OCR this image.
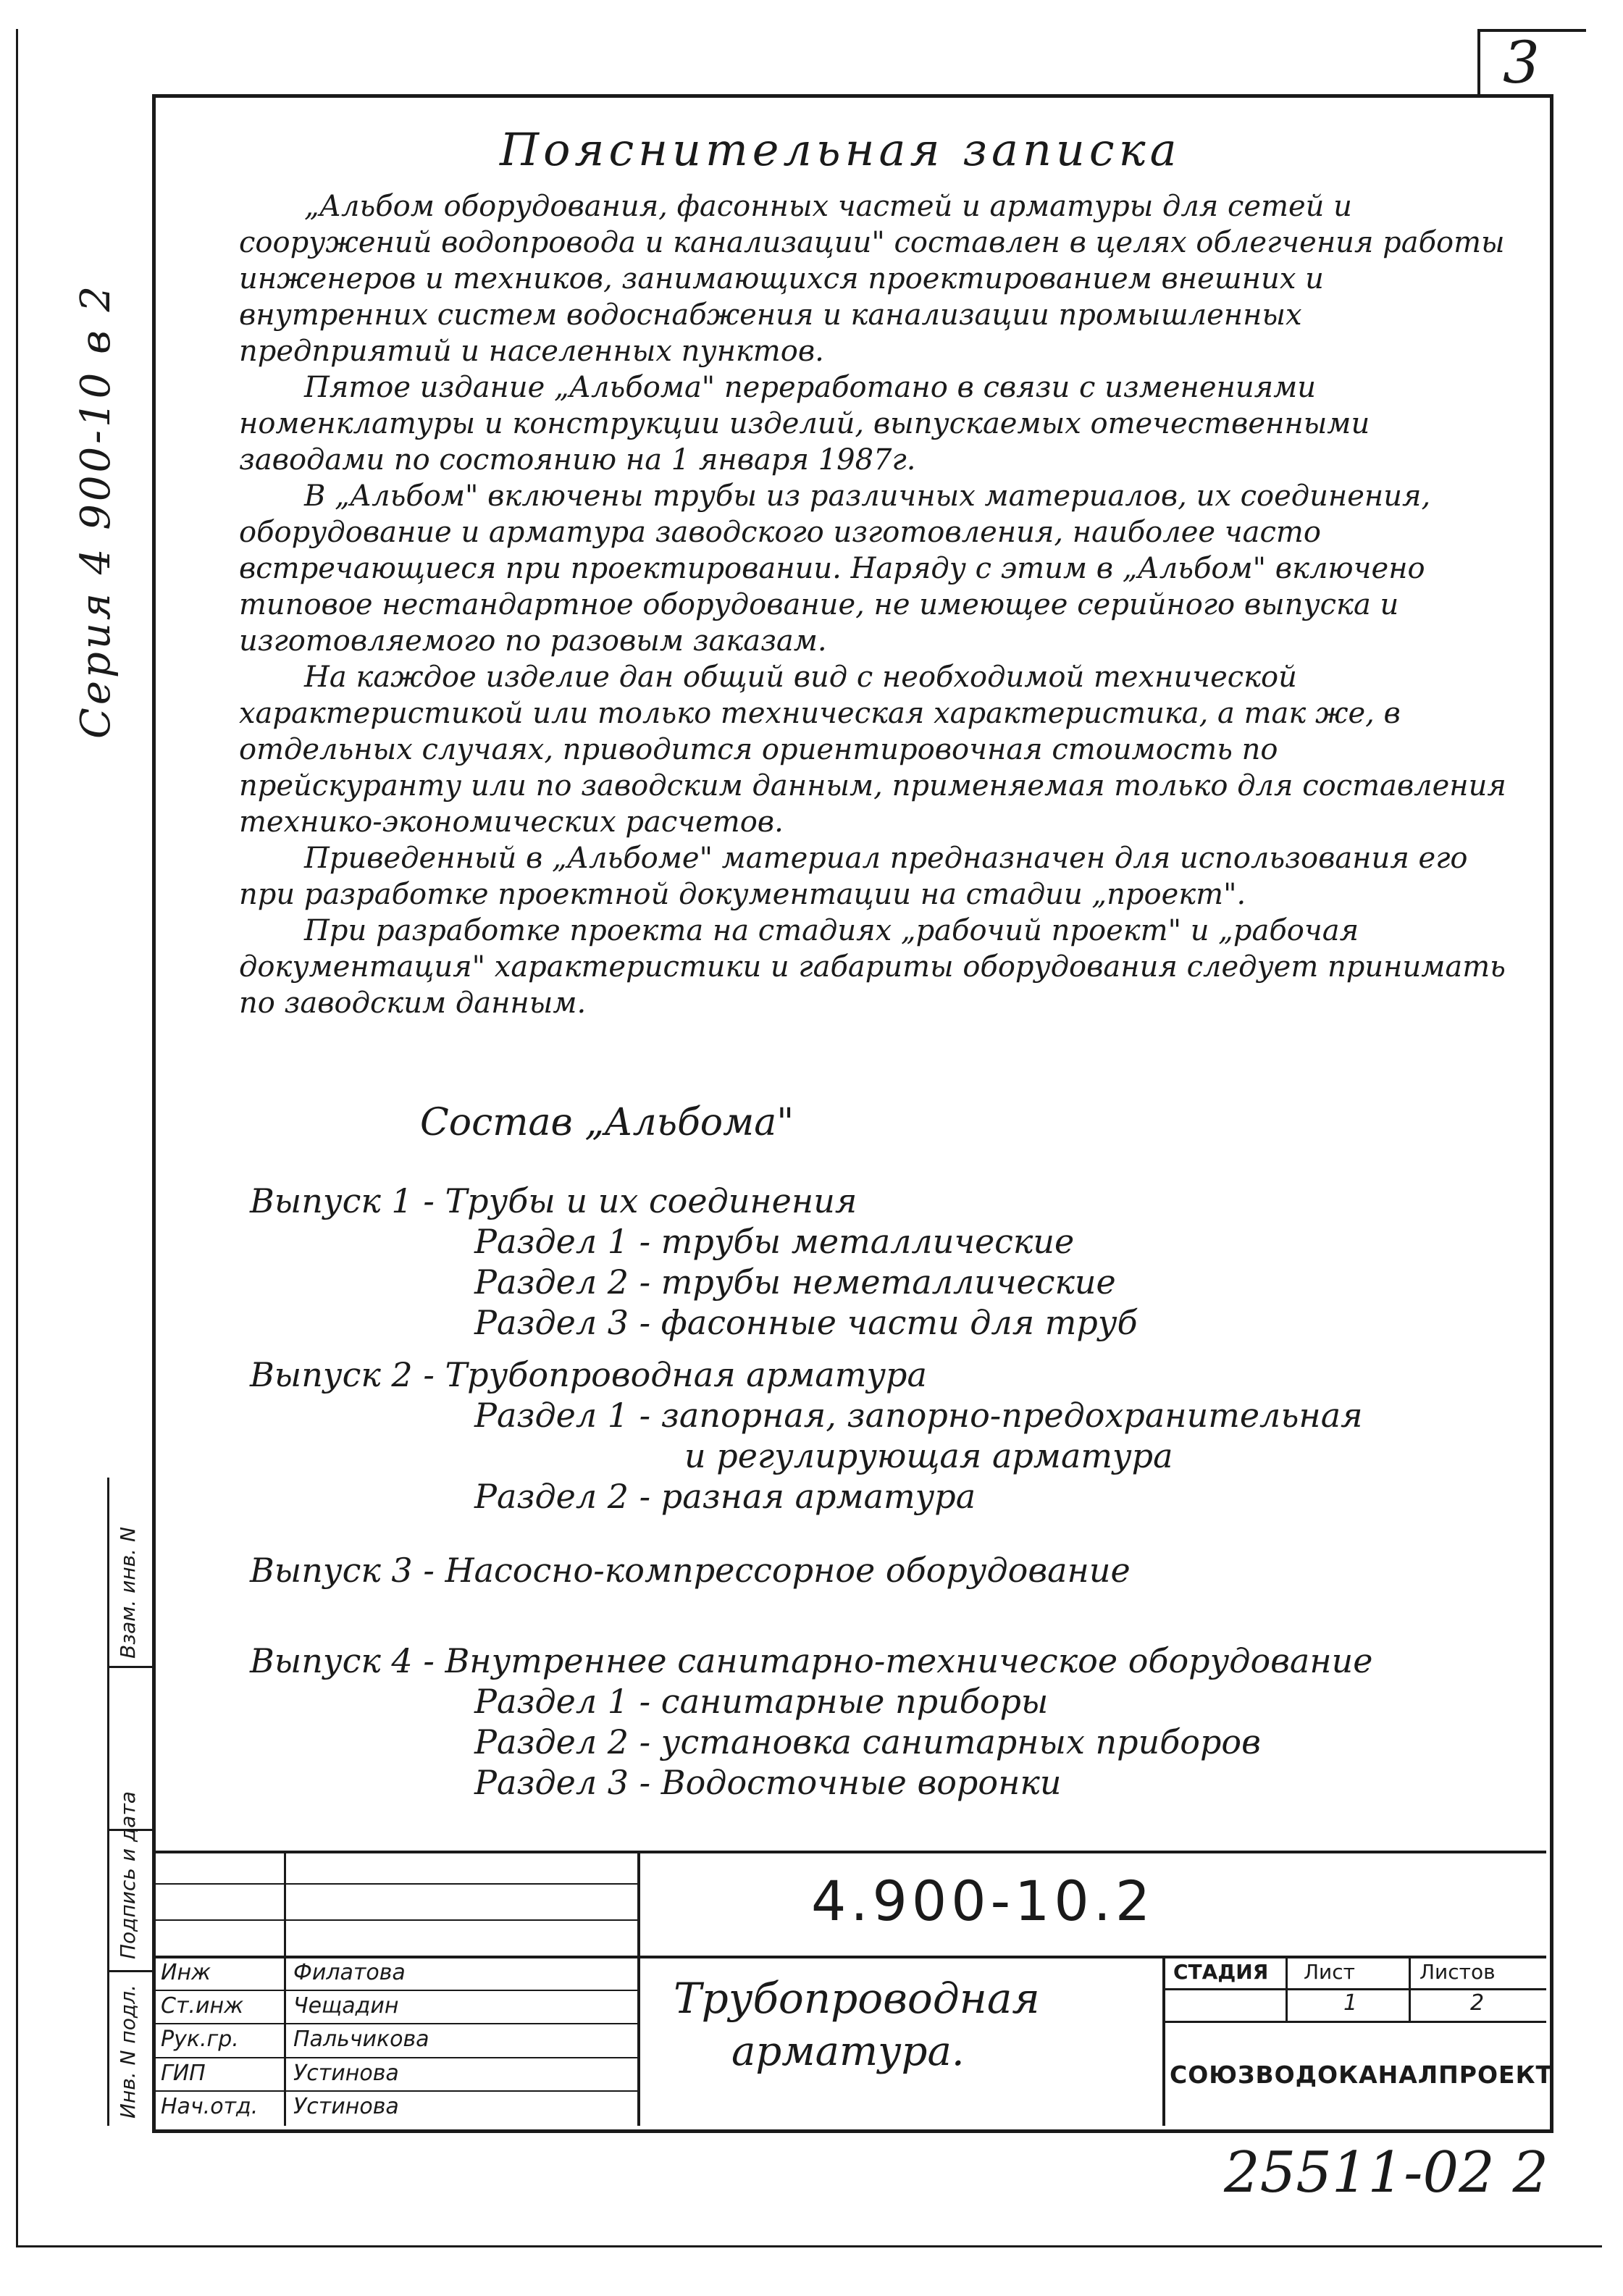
3
Серия 4 900-10 в 2
Инв. N подл.
Подпись и дата
Взам. инв. N
Пояснительная записка

„Альбом оборудования, фасонных частей и арматуры для сетей и сооружений водопровода и канализации" составлен в целях облегчения работы инженеров и техников, занимающихся проектированием внешних и внутренних систем водоснабжения и канализации промышленных предприятий и населенных пунктов.

Пятое издание „Альбома" переработано в связи с изменениями номенклатуры и конструкции изделий, выпускаемых отечественными заводами по состоянию на 1 января 1987г.

В „Альбом" включены трубы из различных материалов, их соединения, оборудование и арматура заводского изготовления, наиболее часто встречающиеся при проектировании. Наряду с этим в „Альбом" включено типовое нестандартное оборудование, не имеющее серийного выпуска и изготовляемого по разовым заказам.

На каждое изделие дан общий вид с необходимой технической характеристикой или только техническая характеристика, а так же, в отдельных случаях, приводится ориентировочная стоимость по прейскуранту или по заводским данным, применяемая только для составления технико-экономических расчетов.

Приведенный в „Альбоме" материал предназначен для использования его при разработке проектной документации на стадии „проект".

При разработке проекта на стадиях „рабочий проект" и „рабочая документация" характеристики и габариты оборудования следует принимать по заводским данным.

Состав „Альбома"
Выпуск 1 - Трубы и их соединения
Раздел 1 - трубы металлические
Раздел 2 - трубы неметаллические
Раздел 3 - фасонные части для труб
Выпуск 2 - Трубопроводная арматура
Раздел 1 - запорная, запорно-предохранительная
и регулирующая арматура
Раздел 2 - разная арматура
Выпуск 3 - Насосно-компрессорное оборудование
Выпуск 4 - Внутреннее санитарно-техническое оборудование
Раздел 1 - санитарные приборы
Раздел 2 - установка санитарных приборов
Раздел 3 - Водосточные воронки
4.900-10.2
Инж	Филатова
Ст.инж Чещадин
Рук.гр.	Пальчикова
ГИП	Устинова
Нач.отд. Устинова
Трубопроводная
арматура.
СТАДИЯ Лист	Листов
1	2
СОЮЗВОДОКАНАЛПРОЕКТ
25511-02 2
